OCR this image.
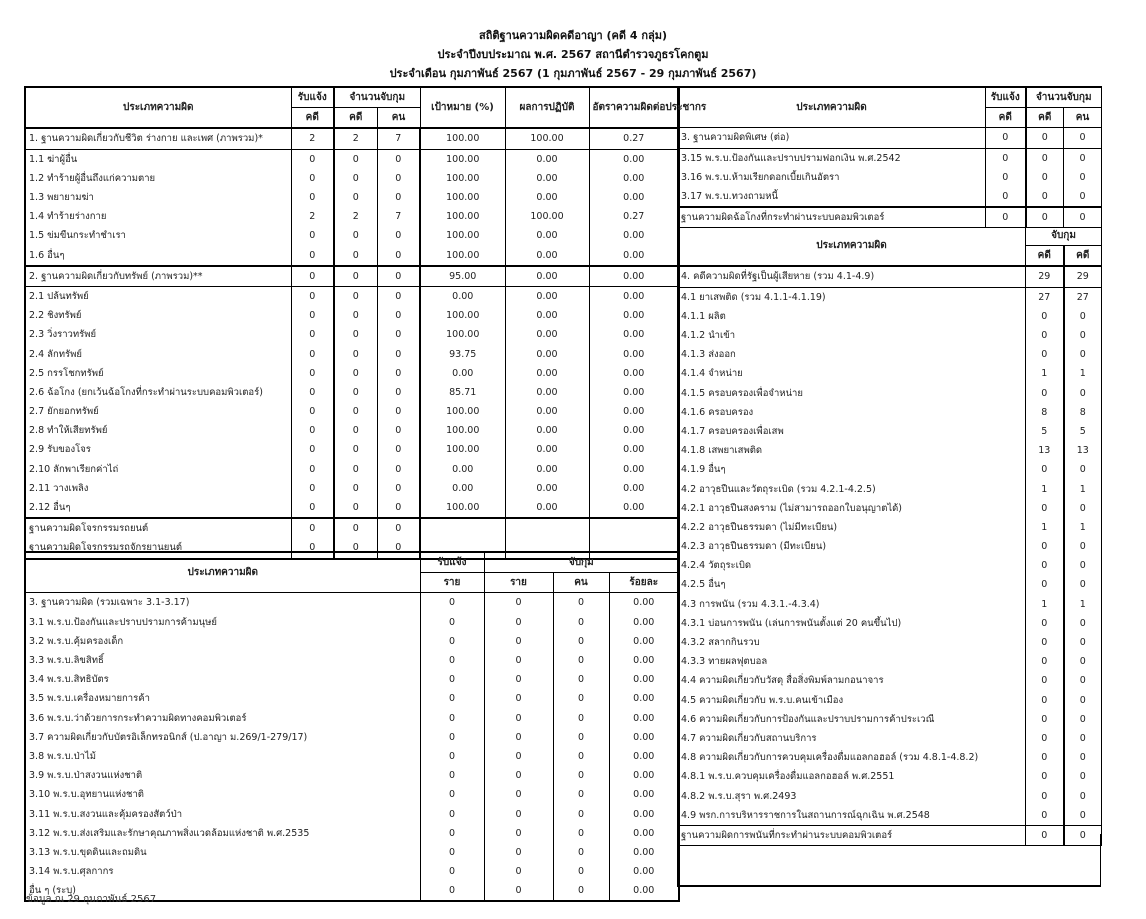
สถิติฐานความผิดคดีอาญา (คดี 4 กลุ่ม)
ประจำปีงบประมาณ พ.ศ. 2567 สถานีตำรวจภูธรโคกตูม
ประจำเดือน กุมภาพันธ์ 2567 (1 กุมภาพันธ์ 2567 - 29 กุมภาพันธ์ 2567)
ประเภทความผิด	รับแจ้ง	จำนวนจับกุม		เป้าหมาย (%)	ผลการปฏิบัติ	อัตราความผิดต่อประชากร
	คดี	คดี	คน			
1. ฐานความผิดเกี่ยวกับชีวิต ร่างกาย และเพศ (ภาพรวม)*	2	2	7	100.00	100.00	0.27
1.1 ฆ่าผู้อื่น	0	0	0	100.00	0.00	0.00
1.2 ทำร้ายผู้อื่นถึงแก่ความตาย	0	0	0	100.00	0.00	0.00
1.3 พยายามฆ่า	0	0	0	100.00	0.00	0.00
1.4 ทำร้ายร่างกาย	2	2	7	100.00	100.00	0.27
1.5 ข่มขืนกระทำชำเรา	0	0	0	100.00	0.00	0.00
1.6 อื่นๆ	0	0	0	100.00	0.00	0.00
2. ฐานความผิดเกี่ยวกับทรัพย์ (ภาพรวม)**	0	0	0	95.00	0.00	0.00
2.1 ปล้นทรัพย์	0	0	0	0.00	0.00	0.00
2.2 ชิงทรัพย์	0	0	0	100.00	0.00	0.00
2.3 วิ่งราวทรัพย์	0	0	0	100.00	0.00	0.00
2.4 ลักทรัพย์	0	0	0	93.75	0.00	0.00
2.5 กรรโชกทรัพย์	0	0	0	0.00	0.00	0.00
2.6 ฉ้อโกง (ยกเว้นฉ้อโกงที่กระทำผ่านระบบคอมพิวเตอร์)	0	0	0	85.71	0.00	0.00
2.7 ยักยอกทรัพย์	0	0	0	100.00	0.00	0.00
2.8 ทำให้เสียทรัพย์	0	0	0	100.00	0.00	0.00
2.9 รับของโจร	0	0	0	100.00	0.00	0.00
2.10 ลักพาเรียกค่าไถ่	0	0	0	0.00	0.00	0.00
2.11 วางเพลิง	0	0	0	0.00	0.00	0.00
2.12 อื่นๆ	0	0	0	100.00	0.00	0.00
ฐานความผิดโจรกรรมรถยนต์	0	0	0			
ฐานความผิดโจรกรรมรถจักรยานยนต์	0	0	0			
ประเภทความผิด	รับแจ้ง	จับกุม		
	ราย	ราย	คน	ร้อยละ
3. ฐานความผิด (รวมเฉพาะ 3.1-3.17)	0	0	0	0.00
3.1 พ.ร.บ.ป้องกันและปราบปรามการค้ามนุษย์	0	0	0	0.00
3.2 พ.ร.บ.คุ้มครองเด็ก	0	0	0	0.00
3.3 พ.ร.บ.ลิขสิทธิ์	0	0	0	0.00
3.4 พ.ร.บ.สิทธิบัตร	0	0	0	0.00
3.5 พ.ร.บ.เครื่องหมายการค้า	0	0	0	0.00
3.6 พ.ร.บ.ว่าด้วยการกระทำความผิดทางคอมพิวเตอร์	0	0	0	0.00
3.7 ความผิดเกี่ยวกับบัตรอิเล็กทรอนิกส์ (ป.อาญา ม.269/1-279/17)	0	0	0	0.00
3.8 พ.ร.บ.ป่าไม้	0	0	0	0.00
3.9 พ.ร.บ.ป่าสงวนแห่งชาติ	0	0	0	0.00
3.10 พ.ร.บ.อุทยานแห่งชาติ	0	0	0	0.00
3.11 พ.ร.บ.สงวนและคุ้มครองสัตว์ป่า	0	0	0	0.00
3.12 พ.ร.บ.ส่งเสริมและรักษาคุณภาพสิ่งแวดล้อมแห่งชาติ พ.ศ.2535	0	0	0	0.00
3.13 พ.ร.บ.ขุดดินและถมดิน	0	0	0	0.00
3.14 พ.ร.บ.ศุลกากร	0	0	0	0.00
อื่น ๆ (ระบุ)	0	0	0	0.00
ประเภทความผิด	รับแจ้ง	จำนวนจับกุม	
	คดี	คดี	คน
3. ฐานความผิดพิเศษ (ต่อ)	0	0	0
3.15 พ.ร.บ.ป้องกันและปราบปรามฟอกเงิน พ.ศ.2542	0	0	0
3.16 พ.ร.บ.ห้ามเรียกดอกเบี้ยเกินอัตรา	0	0	0
3.17 พ.ร.บ.ทวงถามหนี้	0	0	0
ฐานความผิดฉ้อโกงที่กระทำผ่านระบบคอมพิวเตอร์	0	0	0
ประเภทความผิด	จับกุม	
	คดี	คดี
4. คดีความผิดที่รัฐเป็นผู้เสียหาย (รวม 4.1-4.9)	29	29
4.1 ยาเสพติด (รวม 4.1.1-4.1.19)	27	27
4.1.1 ผลิต	0	0
4.1.2 นำเข้า	0	0
4.1.3 ส่งออก	0	0
4.1.4 จำหน่าย	1	1
4.1.5 ครอบครองเพื่อจำหน่าย	0	0
4.1.6 ครอบครอง	8	8
4.1.7 ครอบครองเพื่อเสพ	5	5
4.1.8 เสพยาเสพติด	13	13
4.1.9 อื่นๆ	0	0
4.2 อาวุธปืนและวัตถุระเบิด (รวม 4.2.1-4.2.5)	1	1
4.2.1 อาวุธปืนสงคราม (ไม่สามารถออกใบอนุญาตได้)	0	0
4.2.2 อาวุธปืนธรรมดา (ไม่มีทะเบียน)	1	1
4.2.3 อาวุธปืนธรรมดา (มีทะเบียน)	0	0
4.2.4 วัตถุระเบิด	0	0
4.2.5 อื่นๆ	0	0
4.3 การพนัน (รวม 4.3.1.-4.3.4)	1	1
4.3.1 บ่อนการพนัน (เล่นการพนันตั้งแต่ 20 คนขึ้นไป)	0	0
4.3.2 สลากกินรวบ	0	0
4.3.3 ทายผลฟุตบอล	0	0
4.4 ความผิดเกี่ยวกับวัสดุ สื่อสิ่งพิมพ์ลามกอนาจาร	0	0
4.5 ความผิดเกี่ยวกับ พ.ร.บ.คนเข้าเมือง	0	0
4.6 ความผิดเกี่ยวกับการป้องกันและปราบปรามการค้าประเวณี	0	0
4.7 ความผิดเกี่ยวกับสถานบริการ	0	0
4.8 ความผิดเกี่ยวกับการควบคุมเครื่องดื่มแอลกอฮอล์ (รวม 4.8.1-4.8.2)	0	0
4.8.1 พ.ร.บ.ควบคุมเครื่องดื่มแอลกอฮอล์ พ.ศ.2551	0	0
4.8.2 พ.ร.บ.สุรา พ.ศ.2493	0	0
4.9 พรก.การบริหารราชการในสถานการณ์ฉุกเฉิน พ.ศ.2548	0	0
ฐานความผิดการพนันที่กระทำผ่านระบบคอมพิวเตอร์	0	0
ข้อมูล ณ 29 กุมภาพันธ์ 2567
